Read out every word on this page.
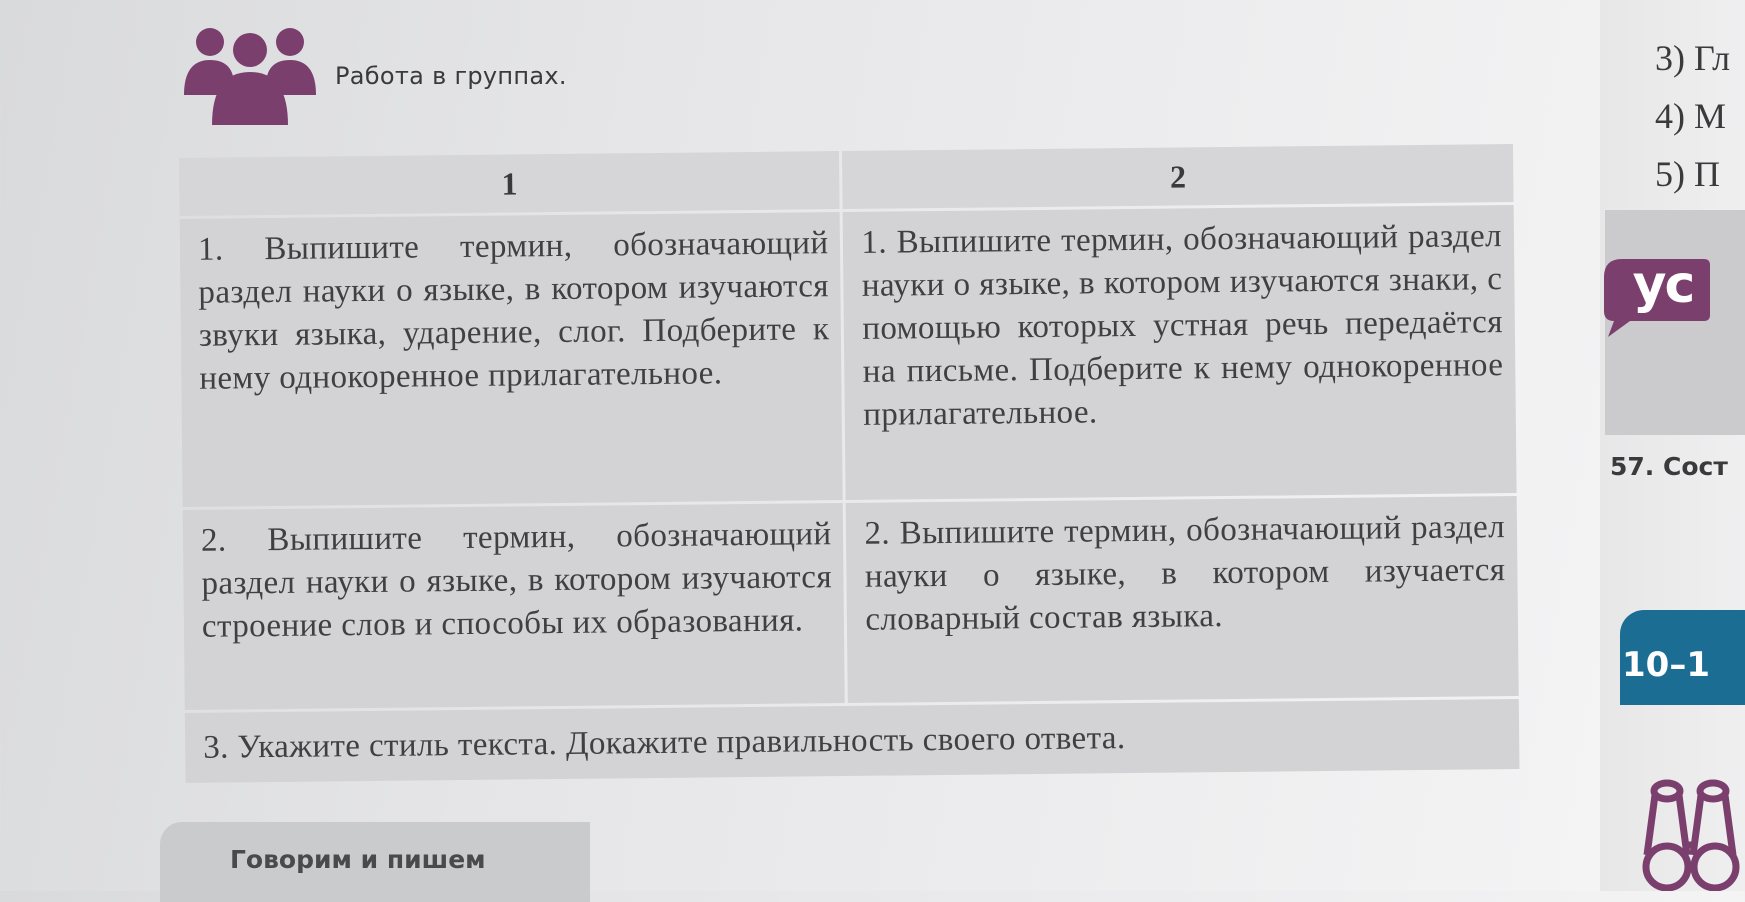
Работа в группах.
1	2

1. Выпишите термин, обозначающий раздел науки о языке, в котором изучаются звуки языка, ударение, слог. Подберите к нему однокоренное прилагательное.	1. Выпишите термин, обозначающий раздел науки о языке, в котором изучаются знаки, с помощью которых устная речь передаётся на письме. Подберите к нему однокоренное прилагательное.

2. Выпишите термин, обозначающий раздел науки о языке, в котором изучаются строение слов и способы их образования.	2. Выпишите термин, обозначающий раздел науки о языке, в котором изучается словарный состав языка.

3. Укажите стиль текста. Докажите правильность своего ответа.	
Говорим и пишем
3) Гл
4) М
5) П
ус
57. Сост
10–1
